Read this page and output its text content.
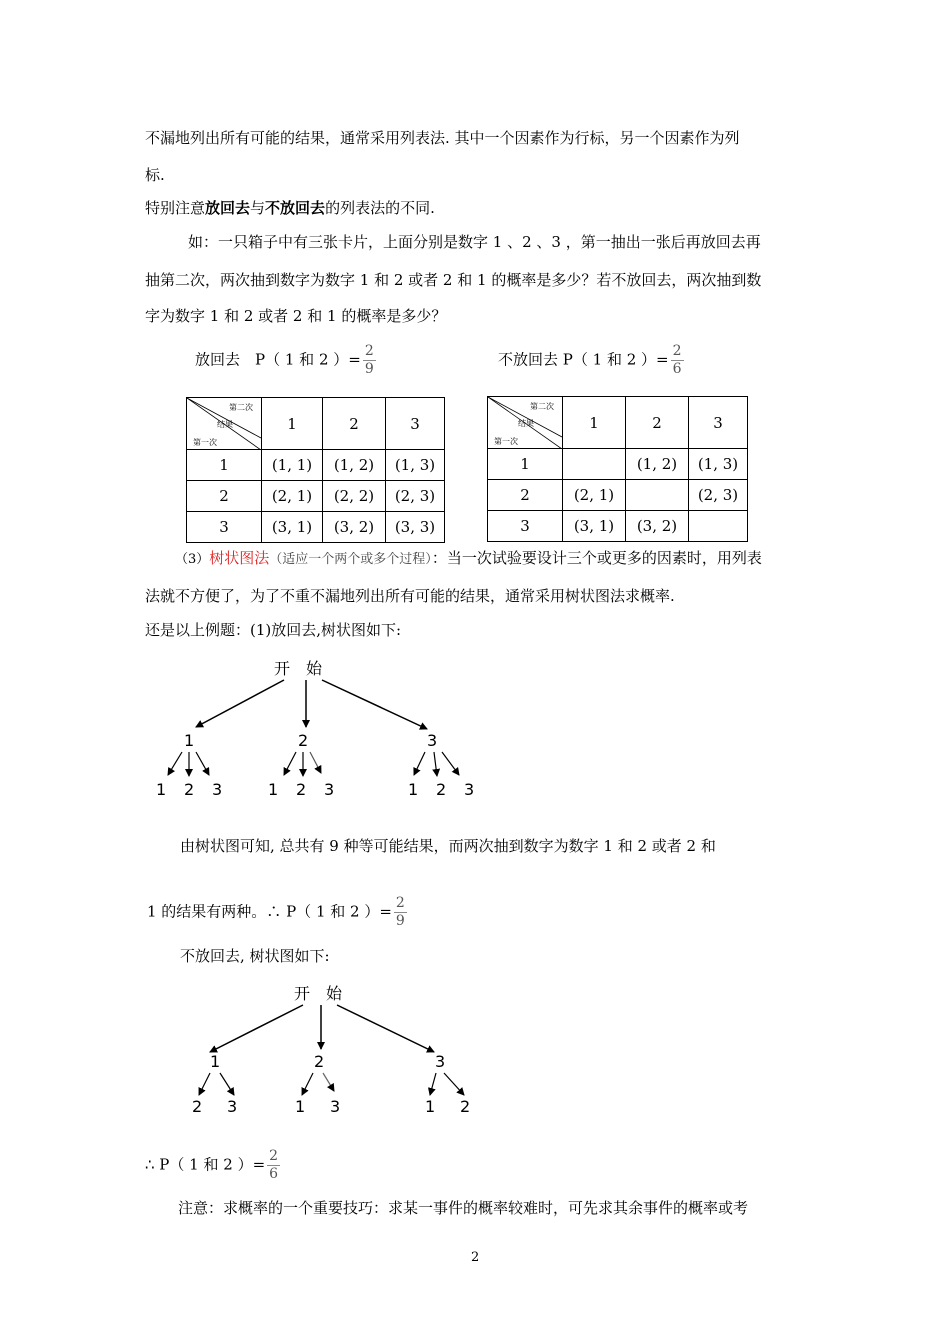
不漏地列出所有可能的结果，通常采用列表法. 其中一个因素作为行标，另一个因素作为列
标.
特别注意放回去与不放回去的列表法的不同.
如：一只箱子中有三张卡片，上面分别是数字 1 、2 、3 ，第一抽出一张后再放回去再
抽第二次，两次抽到数字为数字 1 和 2 或者 2 和 1 的概率是多少？若不放回去，两次抽到数
字为数字 1 和 2 或者 2 和 1 的概率是多少？
放回去　P（ 1 和 2 ）= $\frac{2}{9}$	不放回去 P（ 1 和 2 ）= $\frac{2}{6}$
第二次
结果
第一次	1	2	3
1	(1, 1)	(1, 2)	(1, 3)
2	(2, 1)	(2, 2)	(2, 3)
3	(3, 1)	(3, 2)	(3, 3)
第二次
结果
第一次	1	2	3
1		(1, 2)	(1, 3)
2	(2, 1)		(2, 3)
3	(3, 1)	(3, 2)	
（3）树状图法（适应一个两个或多个过程）：当一次试验要设计三个或更多的因素时，用列表
法就不方便了，为了不重不漏地列出所有可能的结果，通常采用树状图法求概率.
还是以上例题：(1)放回去,树状图如下:
开　始
1	2	3
1 2 3	1 2 3	1 2 3
开　始
1	2	3
2 3	1 3	1 2
由树状图可知, 总共有 9 种等可能结果，而两次抽到数字为数字 1 和 2 或者 2 和
1 的结果有两种。∴ P（ 1 和 2 ）= $\frac{2}{9}$
不放回去, 树状图如下:
∴ P（ 1 和 2 ）= $\frac{2}{6}$
注意：求概率的一个重要技巧：求某一事件的概率较难时，可先求其余事件的概率或考
2
